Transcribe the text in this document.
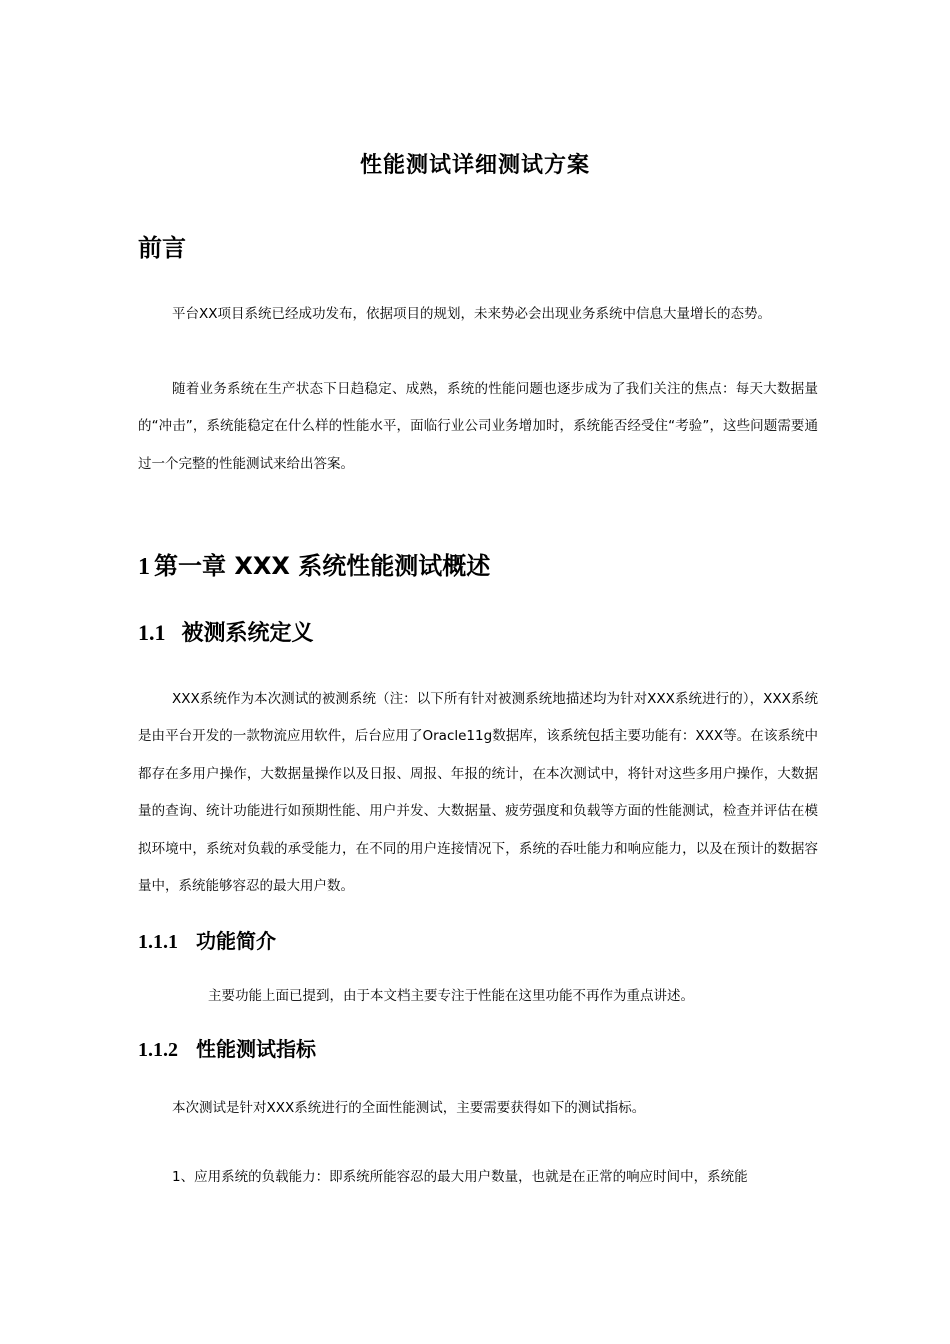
性能测试详细测试方案
前言

平台XX项目系统已经成功发布，依据项目的规划，未来势必会出现业务系统中信息大量增长的态势。

随着业务系统在生产状态下日趋稳定、成熟，系统的性能问题也逐步成为了我们关注的焦点：每天大数据量的“冲击”，系统能稳定在什么样的性能水平，面临行业公司业务增加时，系统能否经受住“考验”，这些问题需要通过一个完整的性能测试来给出答案。

1 第一章 XXX 系统性能测试概述
1.1 被测系统定义

XXX系统作为本次测试的被测系统（注：以下所有针对被测系统地描述均为针对XXX系统进行的），XXX系统是由平台开发的一款物流应用软件，后台应用了Oracle11g数据库，该系统包括主要功能有：XXX等。在该系统中都存在多用户操作，大数据量操作以及日报、周报、年报的统计，在本次测试中，将针对这些多用户操作，大数据量的查询、统计功能进行如预期性能、用户并发、大数据量、疲劳强度和负载等方面的性能测试，检查并评估在模拟环境中，系统对负载的承受能力，在不同的用户连接情况下，系统的吞吐能力和响应能力，以及在预计的数据容量中，系统能够容忍的最大用户数。

1.1.1 功能简介

主要功能上面已提到，由于本文档主要专注于性能在这里功能不再作为重点讲述。

1.1.2 性能测试指标

本次测试是针对XXX系统进行的全面性能测试，主要需要获得如下的测试指标。

1、应用系统的负载能力：即系统所能容忍的最大用户数量，也就是在正常的响应时间中，系统能
